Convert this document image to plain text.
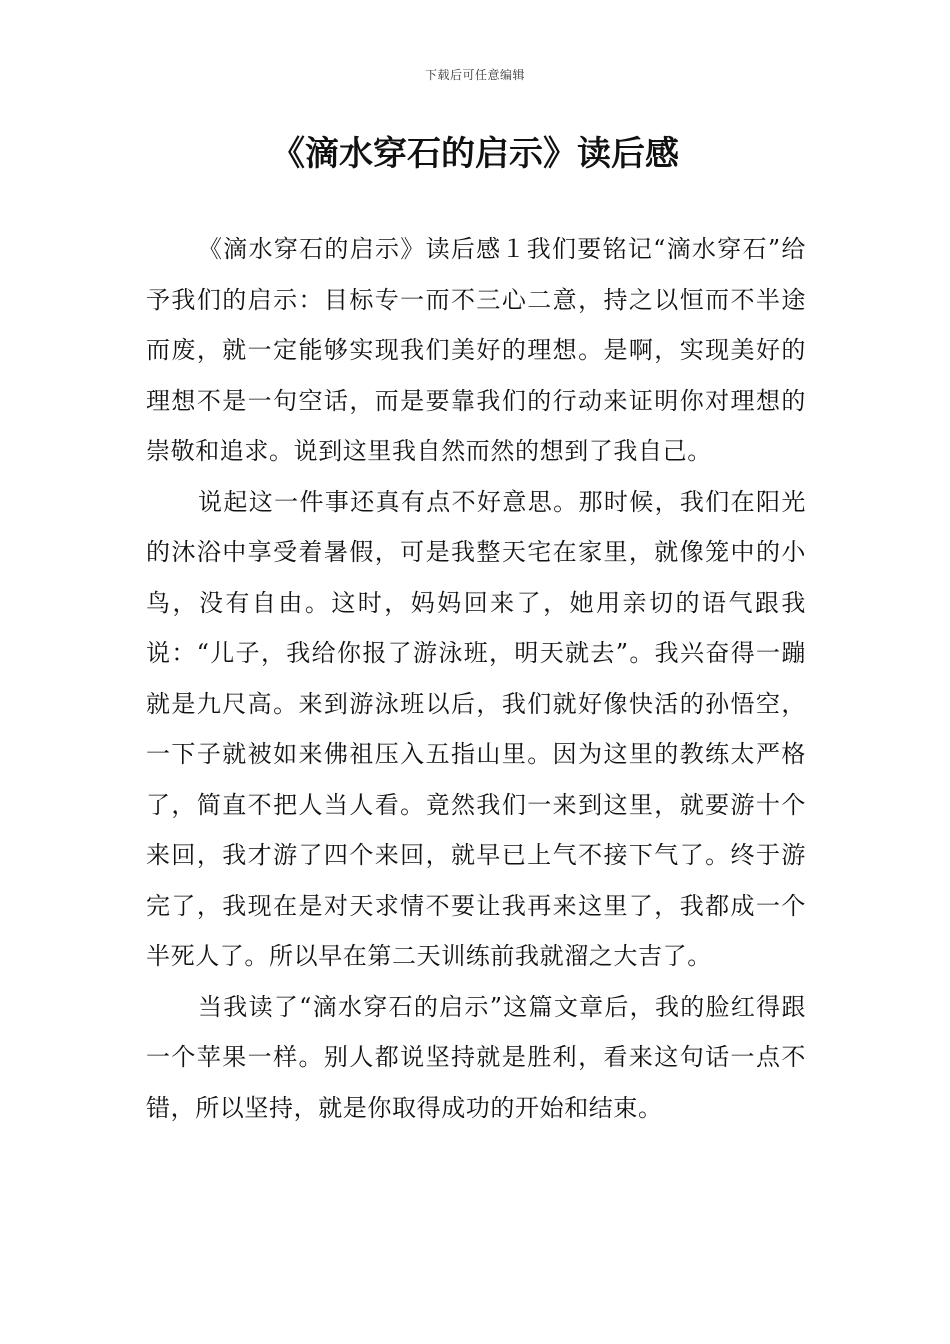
下载后可任意编辑
《滴水穿石的启示》读后感

《滴水穿石的启示》读后感１我们要铭记“滴水穿石”给予我们的启示：目标专一而不三心二意，持之以恒而不半途而废，就一定能够实现我们美好的理想。是啊，实现美好的理想不是一句空话，而是要靠我们的行动来证明你对理想的崇敬和追求。说到这里我自然而然的想到了我自己。

说起这一件事还真有点不好意思。那时候，我们在阳光的沐浴中享受着暑假，可是我整天宅在家里，就像笼中的小鸟，没有自由。这时，妈妈回来了，她用亲切的语气跟我说：“儿子，我给你报了游泳班，明天就去”。我兴奋得一蹦就是九尺高。来到游泳班以后，我们就好像快活的孙悟空，一下子就被如来佛祖压入五指山里。因为这里的教练太严格了，简直不把人当人看。竟然我们一来到这里，就要游十个来回，我才游了四个来回，就早已上气不接下气了。终于游完了，我现在是对天求情不要让我再来这里了，我都成一个半死人了。所以早在第二天训练前我就溜之大吉了。

当我读了“滴水穿石的启示”这篇文章后，我的脸红得跟一个苹果一样。别人都说坚持就是胜利，看来这句话一点不错，所以坚持，就是你取得成功的开始和结束。
